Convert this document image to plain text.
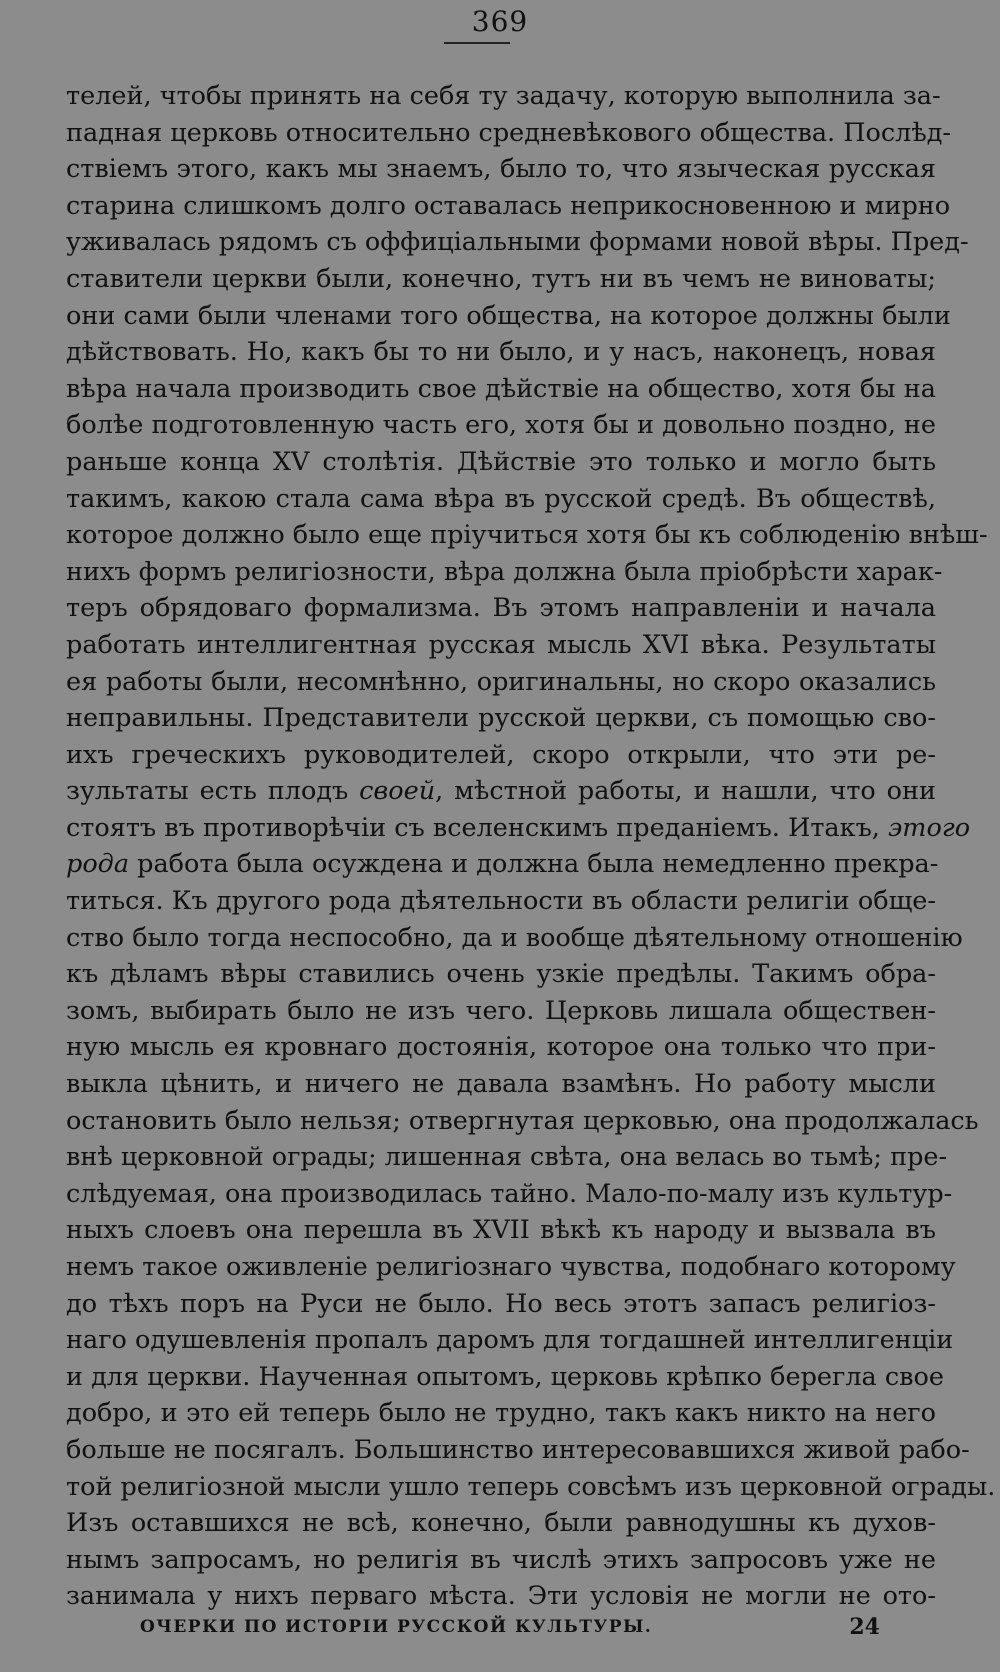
369
телей, чтобы принять на себя ту задачу, которую выполнила за-
падная церковь относительно средневѣкового общества. Послѣд-
ствіемъ этого, какъ мы знаемъ, было то, что языческая русская
старина слишкомъ долго оставалась неприкосновенною и мирно
уживалась рядомъ съ оффиціальными формами новой вѣры. Пред-
ставители церкви были, конечно, тутъ ни въ чемъ не виноваты;
они сами были членами того общества, на которое должны были
дѣйствовать. Но, какъ бы то ни было, и у насъ, наконецъ, новая
вѣра начала производить свое дѣйствіе на общество, хотя бы на
болѣе подготовленную часть его, хотя бы и довольно поздно, не
раньше конца XV столѣтія. Дѣйствіе это только и могло быть
такимъ, какою стала сама вѣра въ русской средѣ. Въ обществѣ,
которое должно было еще пріучиться хотя бы къ соблюденію внѣш-
нихъ формъ религіозности, вѣра должна была пріобрѣсти харак-
теръ обрядоваго формализма. Въ этомъ направленіи и начала
работать интеллигентная русская мысль XVI вѣка. Результаты
ея работы были, несомнѣнно, оригинальны, но скоро оказались
неправильны. Представители русской церкви, съ помощью сво-
ихъ греческихъ руководителей, скоро открыли, что эти ре-
зультаты есть плодъ своей, мѣстной работы, и нашли, что они
стоятъ въ противорѣчіи съ вселенскимъ преданіемъ. Итакъ, этого
рода работа была осуждена и должна была немедленно прекра-
титься. Къ другого рода дѣятельности въ области религіи обще-
ство было тогда неспособно, да и вообще дѣятельному отношенію
къ дѣламъ вѣры ставились очень узкіе предѣлы. Такимъ обра-
зомъ, выбирать было не изъ чего. Церковь лишала обществен-
ную мысль ея кровнаго достоянія, которое она только что при-
выкла цѣнить, и ничего не давала взамѣнъ. Но работу мысли
остановить было нельзя; отвергнутая церковью, она продолжалась
внѣ церковной ограды; лишенная свѣта, она велась во тьмѣ; пре-
слѣдуемая, она производилась тайно. Мало-по-малу изъ культур-
ныхъ слоевъ она перешла въ XVII вѣкѣ къ народу и вызвала въ
немъ такое оживленіе религіознаго чувства, подобнаго которому
до тѣхъ поръ на Руси не было. Но весь этотъ запасъ религіоз-
наго одушевленія пропалъ даромъ для тогдашней интеллигенціи
и для церкви. Наученная опытомъ, церковь крѣпко берегла свое
добро, и это ей теперь было не трудно, такъ какъ никто на него
больше не посягалъ. Большинство интересовавшихся живой рабо-
той религіозной мысли ушло теперь совсѣмъ изъ церковной ограды.
Изъ оставшихся не всѣ, конечно, были равнодушны къ духов-
нымъ запросамъ, но религія въ числѣ этихъ запросовъ уже не
занимала у нихъ перваго мѣста. Эти условія не могли не ото-
ОЧЕРКИ ПО ИСТОРІИ РУССКОЙ КУЛЬТУРЫ.	24
